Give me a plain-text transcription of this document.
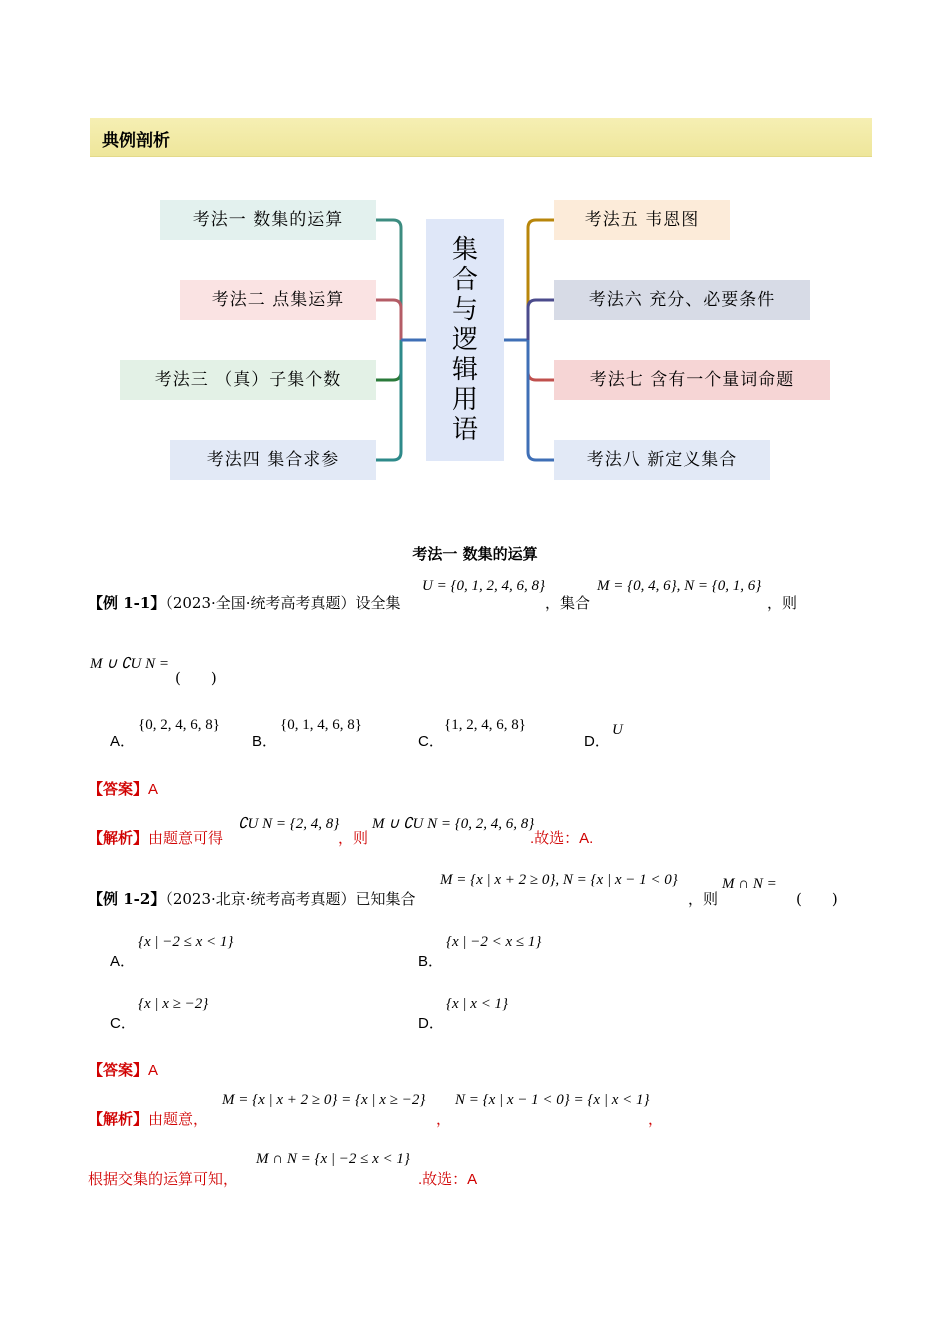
典例剖析
考法一 数集的运算
考法二 点集运算
考法三 （真）子集个数
考法四 集合求参
集
合
与
逻
辑
用
语
考法五 韦恩图
考法六 充分、必要条件
考法七 含有一个量词命题
考法八 新定义集合
考法一 数集的运算
【例 1-1】（2023·全国·统考高考真题）设全集
U = {0, 1, 2, 4, 6, 8}
，集合
M = {0, 4, 6}, N = {0, 1, 6}
，则
M ∪ ∁U N =
(　　)
A．
{0, 2, 4, 6, 8}
B．
{0, 1, 4, 6, 8}
C．
{1, 2, 4, 6, 8}
D．
U
【答案】A
【解析】由题意可得
∁U N = {2, 4, 8}
，则
M ∪ ∁U N = {0, 2, 4, 6, 8}
.故选：A.
【例 1-2】（2023·北京·统考高考真题）已知集合
M = {x | x + 2 ≥ 0}, N = {x | x − 1 < 0}
，则
M ∩ N =
(　　)
A．
{x | −2 ≤ x < 1}
B．
{x | −2 < x ≤ 1}
C．
{x | x ≥ −2}
D．
{x | x < 1}
【答案】A
【解析】由题意，
M = {x | x + 2 ≥ 0} = {x | x ≥ −2}
，
N = {x | x − 1 < 0} = {x | x < 1}
，
根据交集的运算可知，
M ∩ N = {x | −2 ≤ x < 1}
.故选：A
